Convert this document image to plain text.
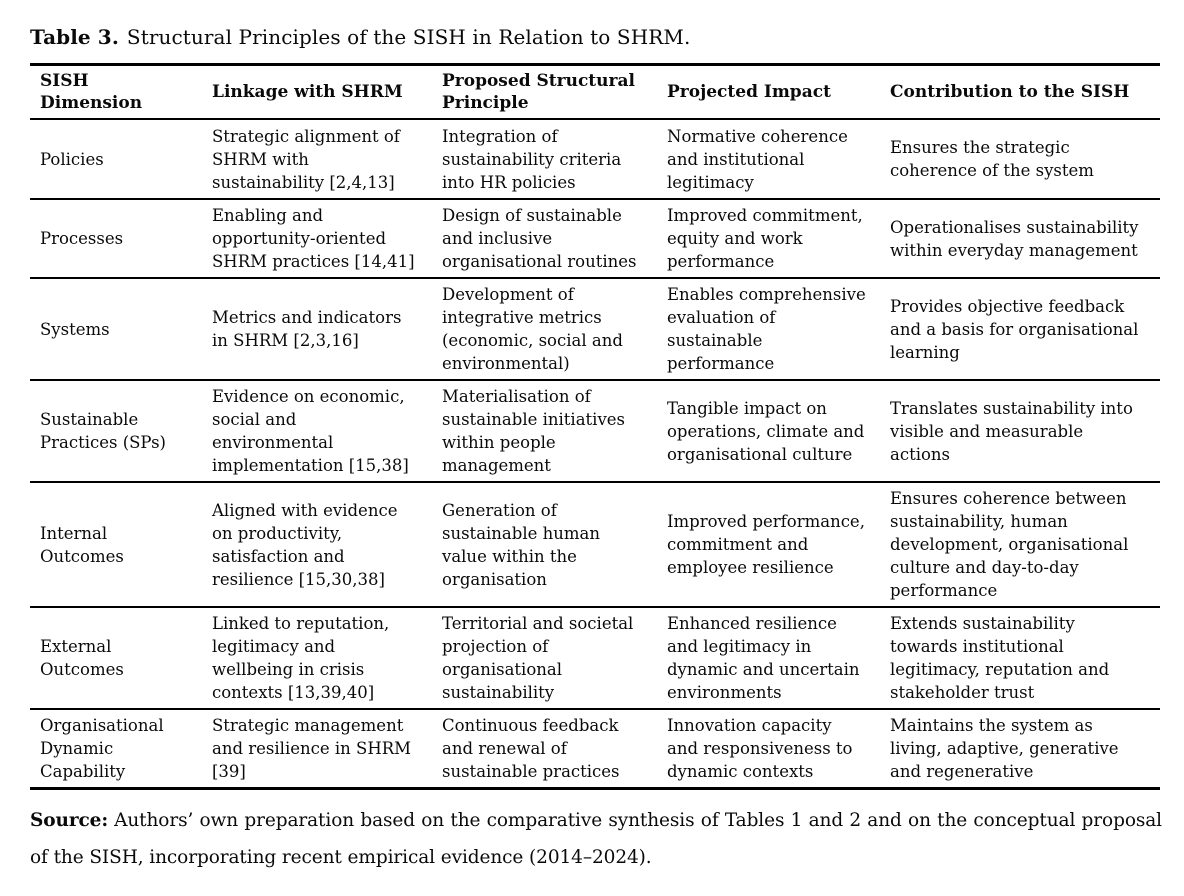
Table 3. Structural Principles of the SISH in Relation to SHRM.

SISH Dimension	Linkage with SHRM	Proposed Structural Principle	Projected Impact	Contribution to the SISH
Policies	Strategic alignment of SHRM with sustainability [2,4,13]	Integration of sustainability criteria into HR policies	Normative coherence and institutional legitimacy	Ensures the strategic coherence of the system
Processes	Enabling and opportunity-oriented SHRM practices [14,41]	Design of sustainable and inclusive organisational routines	Improved commitment, equity and work performance	Operationalises sustainability within everyday management
Systems	Metrics and indicators in SHRM [2,3,16]	Development of integrative metrics (economic, social and environmental)	Enables comprehensive evaluation of sustainable performance	Provides objective feedback and a basis for organisational learning
Sustainable Practices (SPs)	Evidence on economic, social and environmental implementation [15,38]	Materialisation of sustainable initiatives within people management	Tangible impact on operations, climate and organisational culture	Translates sustainability into visible and measurable actions
Internal Outcomes	Aligned with evidence on productivity, satisfaction and resilience [15,30,38]	Generation of sustainable human value within the organisation	Improved performance, commitment and employee resilience	Ensures coherence between sustainability, human development, organisational culture and day-to-day performance
External Outcomes	Linked to reputation, legitimacy and wellbeing in crisis contexts [13,39,40]	Territorial and societal projection of organisational sustainability	Enhanced resilience and legitimacy in dynamic and uncertain environments	Extends sustainability towards institutional legitimacy, reputation and stakeholder trust
Organisational Dynamic Capability	Strategic management and resilience in SHRM [39]	Continuous feedback and renewal of sustainable practices	Innovation capacity and responsiveness to dynamic contexts	Maintains the system as living, adaptive, generative and regenerative

Source: Authors’ own preparation based on the comparative synthesis of Tables 1 and 2 and on the conceptual proposal of the SISH, incorporating recent empirical evidence (2014–2024).
